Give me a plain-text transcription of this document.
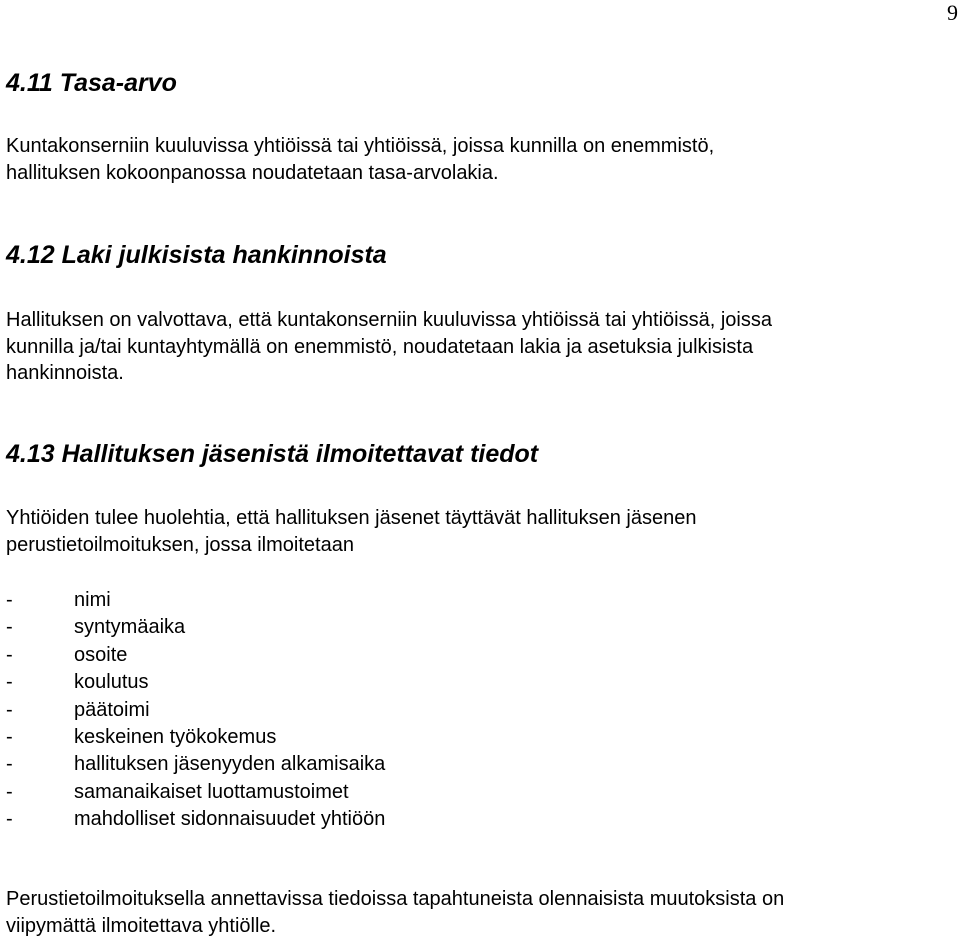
9
4.11 Tasa-arvo

Kuntakonserniin kuuluvissa yhtiöissä tai yhtiöissä, joissa kunnilla on enemmistö,
hallituksen kokoonpanossa noudatetaan tasa-arvolakia.

4.12 Laki julkisista hankinnoista

Hallituksen on valvottava, että kuntakonserniin kuuluvissa yhtiöissä tai yhtiöissä, joissa
kunnilla ja/tai kuntayhtymällä on enemmistö, noudatetaan lakia ja asetuksia julkisista
hankinnoista.

4.13 Hallituksen jäsenistä ilmoitettavat tiedot

Yhtiöiden tulee huolehtia, että hallituksen jäsenet täyttävät hallituksen jäsenen
perustietoilmoituksen, jossa ilmoitetaan

-	nimi
-	syntymäaika
-	osoite
-	koulutus
-	päätoimi
-	keskeinen työkokemus
-	hallituksen jäsenyyden alkamisaika
-	samanaikaiset luottamustoimet
-	mahdolliset sidonnaisuudet yhtiöön

Perustietoilmoituksella annettavissa tiedoissa tapahtuneista olennaisista muutoksista on
viipymättä ilmoitettava yhtiölle.
